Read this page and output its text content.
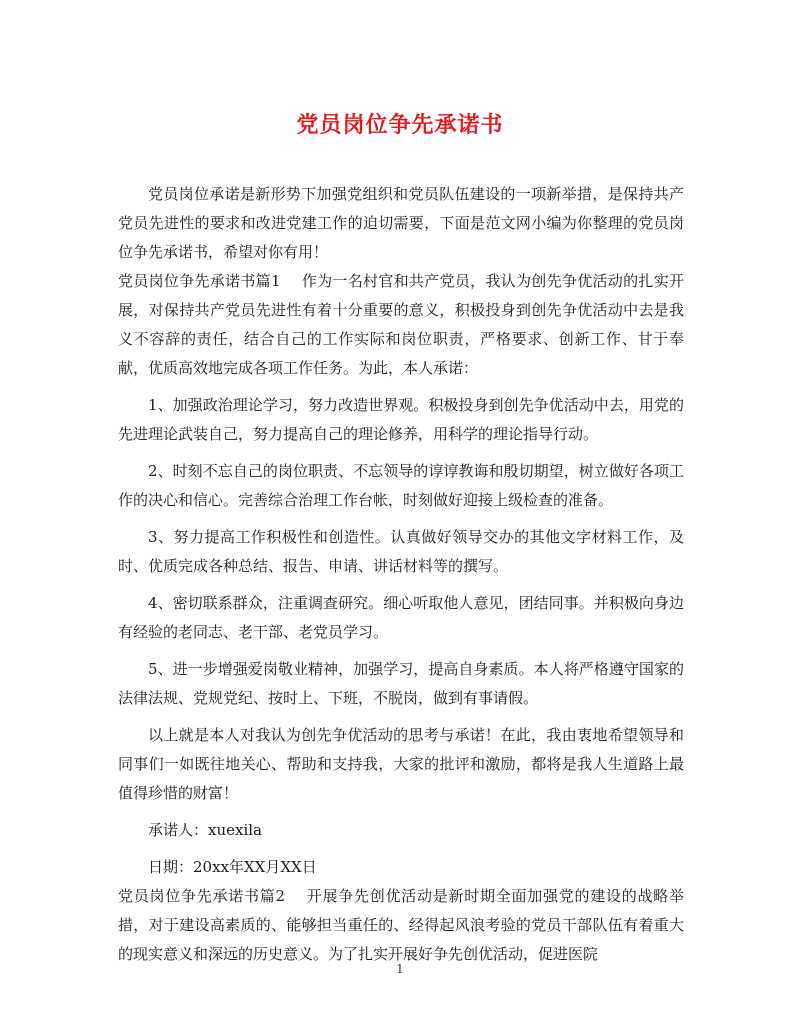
党员岗位争先承诺书

党员岗位承诺是新形势下加强党组织和党员队伍建设的一项新举措，是保持共产党员先进性的要求和改进党建工作的迫切需要，下面是范文网小编为你整理的党员岗位争先承诺书，希望对你有用！

党员岗位争先承诺书篇1 作为一名村官和共产党员，我认为创先争优活动的扎实开展，对保持共产党员先进性有着十分重要的意义，积极投身到创先争优活动中去是我义不容辞的责任，结合自己的工作实际和岗位职责，严格要求、创新工作、甘于奉献，优质高效地完成各项工作任务。为此，本人承诺：

1、加强政治理论学习，努力改造世界观。积极投身到创先争优活动中去，用党的先进理论武装自己，努力提高自己的理论修养，用科学的理论指导行动。

2、时刻不忘自己的岗位职责、不忘领导的谆谆教诲和殷切期望，树立做好各项工作的决心和信心。完善综合治理工作台帐，时刻做好迎接上级检查的准备。

3、努力提高工作积极性和创造性。认真做好领导交办的其他文字材料工作，及时、优质完成各种总结、报告、申请、讲话材料等的撰写。

4、密切联系群众，注重调查研究。细心听取他人意见，团结同事。并积极向身边有经验的老同志、老干部、老党员学习。

5、进一步增强爱岗敬业精神，加强学习，提高自身素质。本人将严格遵守国家的法律法规、党规党纪、按时上、下班，不脱岗，做到有事请假。

以上就是本人对我认为创先争优活动的思考与承诺！在此，我由衷地希望领导和同事们一如既往地关心、帮助和支持我，大家的批评和激励，都将是我人生道路上最值得珍惜的财富！

承诺人：xuexila

日期：20xx年XX月XX日

党员岗位争先承诺书篇2 开展争先创优活动是新时期全面加强党的建设的战略举措，对于建设高素质的、能够担当重任的、经得起风浪考验的党员干部队伍有着重大的现实意义和深远的历史意义。为了扎实开展好争先创优活动，促进医院

1
